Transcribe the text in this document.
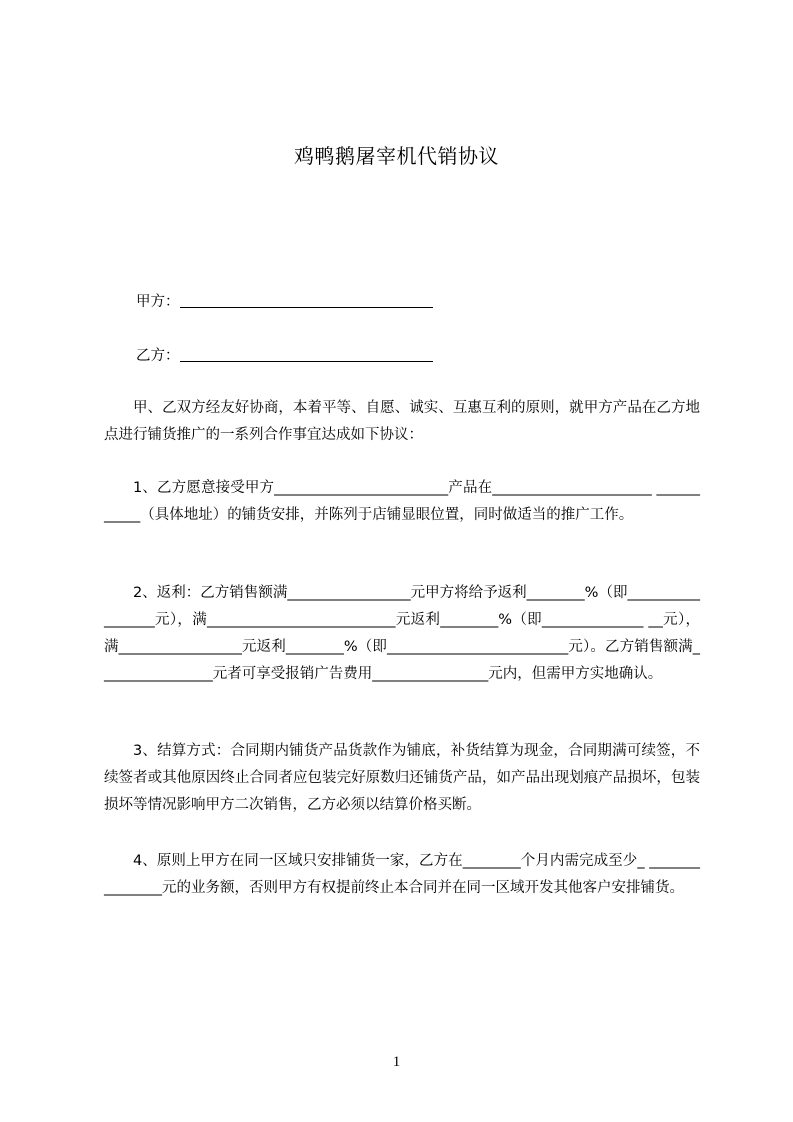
鸡鸭鹅屠宰机代销协议
甲方：
乙方：

甲、乙双方经友好协商，本着平等、自愿、诚实、互惠互利的原则，就甲方产品在乙方地点进行铺货推广的一系列合作事宜达成如下协议：

1、乙方愿意接受甲方________________________产品在______________________ ___________（具体地址）的铺货安排，并陈列于店铺显眼位置，同时做适当的推广工作。

2、返利：乙方销售额满_________________元甲方将给予返利________%（即_________________元），满__________________________元返利________%（即______________ __元），满_________________元返利________%（即_________________________元）。乙方销售额满________________元者可享受报销广告费用________________元内，但需甲方实地确认。

3、结算方式：合同期内铺货产品货款作为铺底，补货结算为现金，合同期满可续签，不续签者或其他原因终止合同者应包装完好原数归还铺货产品，如产品出现划痕产品损坏，包装损坏等情况影响甲方二次销售，乙方必须以结算价格买断。

4、原则上甲方在同一区域只安排铺货一家，乙方在________个月内需完成至少_ _______________元的业务额，否则甲方有权提前终止本合同并在同一区域开发其他客户安排铺货。

1
